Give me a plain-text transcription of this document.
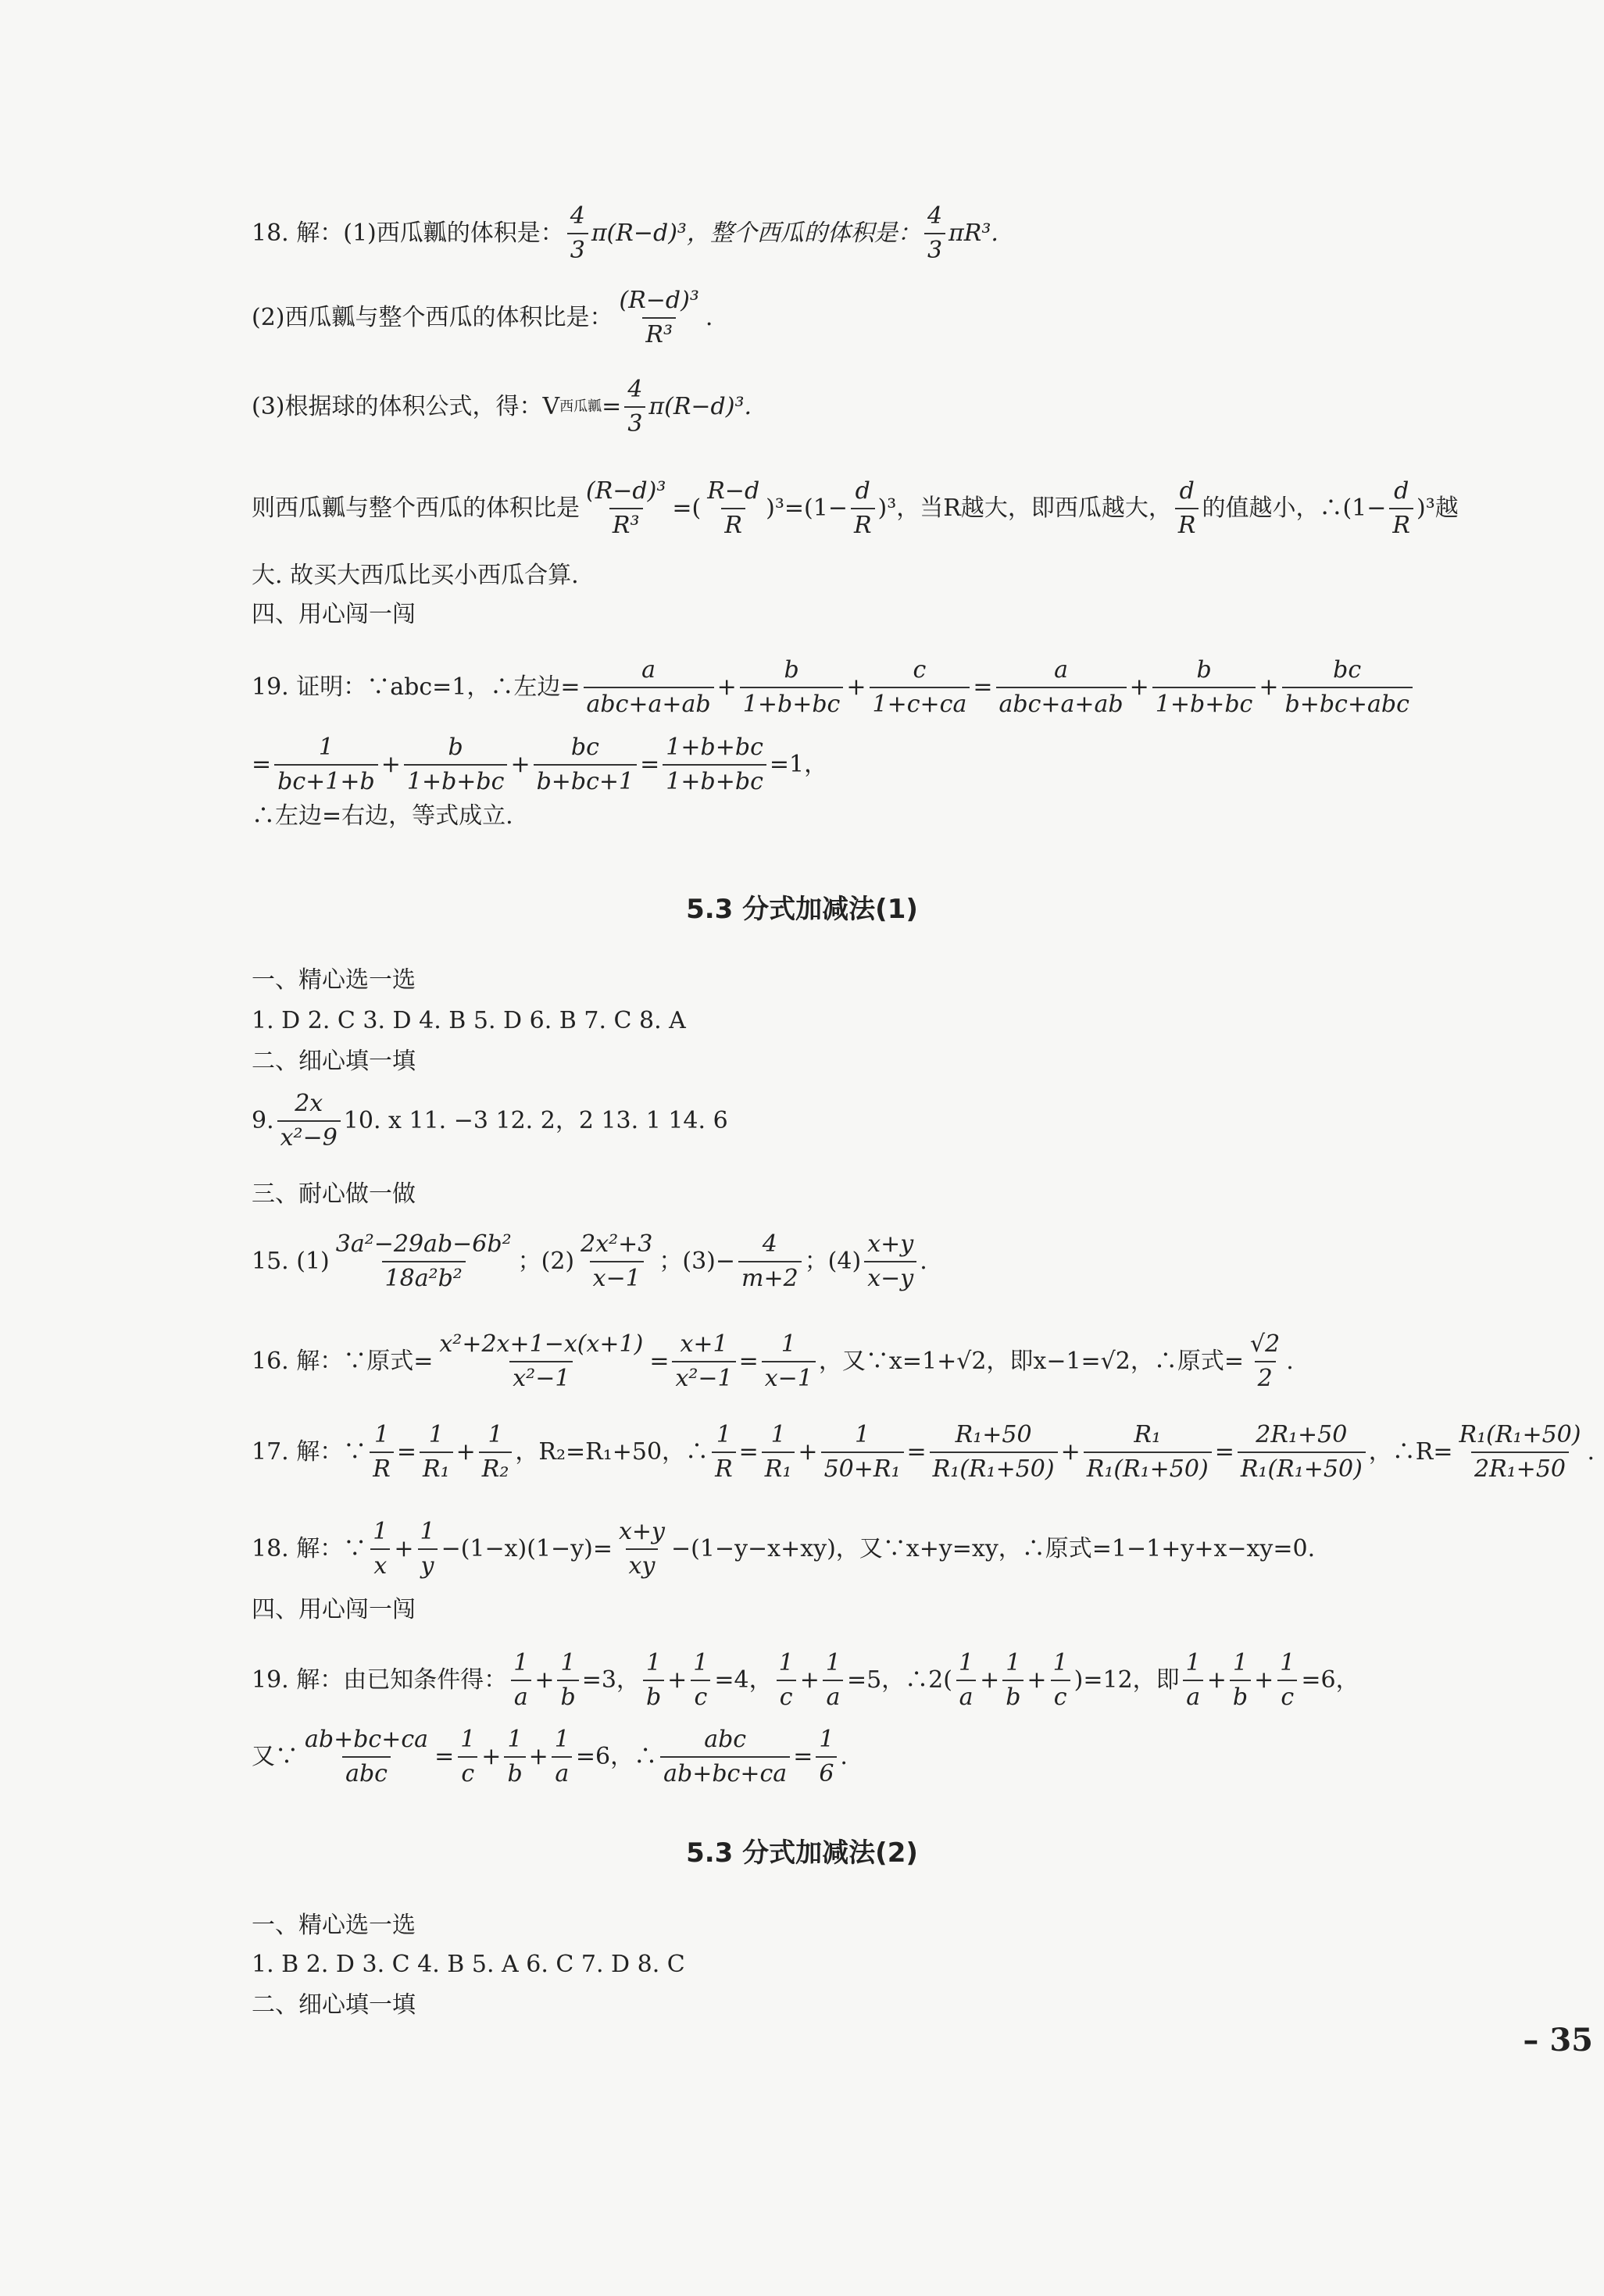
18. 解：(1)西瓜瓤的体积是： $\frac{4}{3} \pi(R-d)^3$，整个西瓜的体积是： $\frac{4}{3} \pi R^3$.
(2)西瓜瓤与整个西瓜的体积比是： $\frac{\text{(R−d)³}}{\text{R³}}$ .
(3)根据球的体积公式，得：V 西瓜瓤 = $\frac{4}{3} \pi(R-d)^3$.
则西瓜瓤与整个西瓜的体积比是 $\frac{\text{(R−d)³}}{\text{R³}}$ =( $\frac{R-d}{R} )^3=(1- \frac{d}{R} )^3$，当R越大，即西瓜越大， $\frac{d}{R}$ 的值越小，∴(1− $\frac{d}{R} )^3$越
大. 故买大西瓜比买小西瓜合算.
四、用心闯一闯
19. 证明：∵abc=1，∴左边= $\frac{a}{\text{abc+a+ab}} + \frac{b}{1+b+bc} + \frac{c}{1+c+ca} = \frac{a}{\text{abc+a+ab}} + \frac{b}{1+b+bc} + \frac{bc}{\text{b+bc+abc}}$
= $\frac{1}{bc+1+b} + \frac{b}{1+b+bc} + \frac{bc}{b+bc+1} = \frac{1+b+bc}{1+b+bc} =1$，
∴左边=右边，等式成立.
5.3 分式加减法(1)
一、精心选一选
1. D 2. C 3. D 4. B 5. D 6. B 7. C 8. A
二、细心填一填
9. $\frac{2x}{\text{x²−9}} 10$. x 11. −3 12. 2，2 13. 1 14. 6
三、耐心做一做
15. $(1) \frac{\text{3a²−29ab−6b²}}{\text{18a²b²}}$ ；$(2) \frac{\text{2x²+3}}{x-1}$ ；$(3)- \frac{4}{m+2}$ ；$(4) \frac{x+y}{x-y}$ .
16. 解：∵原式= $\frac{\text{x²+2x+1−x(x+1)}}{\text{x²−1}} = \frac{x+1}{\text{x²−1}} = \frac{1}{x-1}$ ，又∵x=1+√2，即x−1=√2，∴原式= $\frac{√2}{2}$ .
17. 解：∵ $\frac{1}{R} = \frac{1}{\text{R₁}} + \frac{1}{\text{R₂}}$ ，R₂=R₁+50，∴ $\frac{1}{R} = \frac{1}{\text{R₁}} + \frac{1}{\text{50+R₁}} = \frac{\text{R₁+50}}{\text{R₁(R₁+50)}} + \frac{\text{R₁}}{\text{R₁(R₁+50)}} = \frac{\text{2R₁+50}}{\text{R₁(R₁+50)}}$ ，∴R= $\frac{\text{R₁(R₁+50)}}{\text{2R₁+50}}$ .
18. 解：∵ $\frac{1}{x} + \frac{1}{y} -(1-x)(1-y)= \frac{x+y}{xy} -(1-y-x+xy)$，又∵x+y=xy，∴原式=1−1+y+x−xy=0.
四、用心闯一闯
19. 解：由已知条件得： $\frac{1}{a} + \frac{1}{b} =3$， $\frac{1}{b} + \frac{1}{c} =4$， $\frac{1}{c} + \frac{1}{a} =5$，∴2( $\frac{1}{a} + \frac{1}{b} + \frac{1}{c} )=12$，即 $\frac{1}{a} + \frac{1}{b} + \frac{1}{c} =6$，
又∵ $\frac{ab+bc+ca}{\text{abc}} = \frac{1}{c} + \frac{1}{b} + \frac{1}{a} =6$，∴ $\frac{\text{abc}}{ab+bc+ca} = \frac{1}{6}$ .
5.3 分式加减法(2)
一、精心选一选
1. B 2. D 3. C 4. B 5. A 6. C 7. D 8. C
二、细心填一填
– 35
